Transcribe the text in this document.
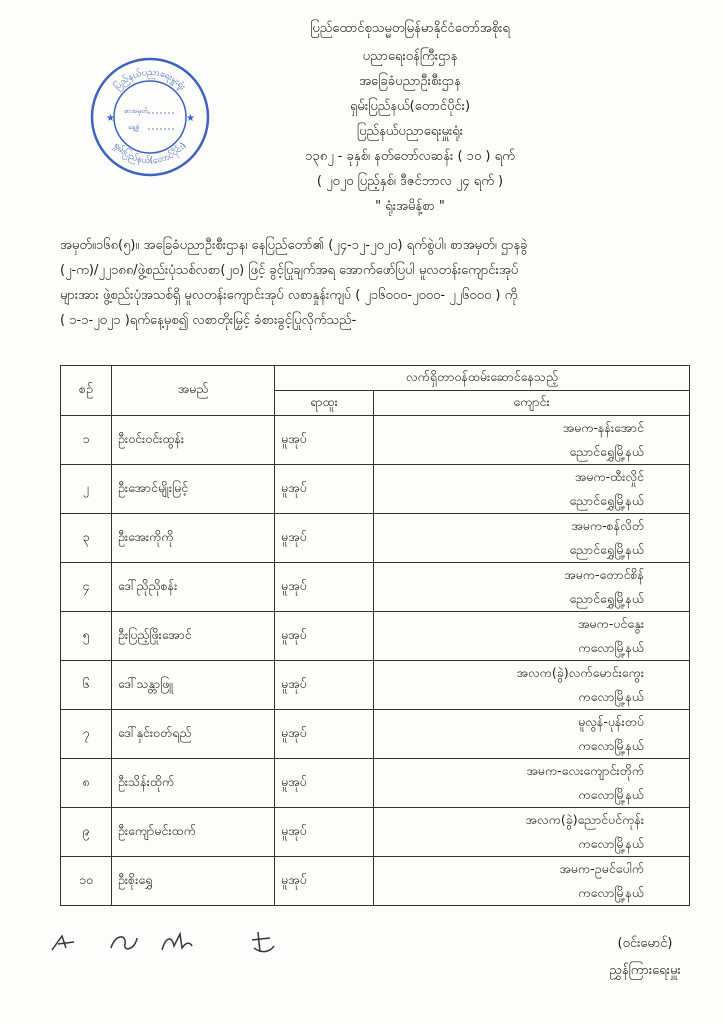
ပြည်ထောင်စုသမ္မတမြန်မာနိုင်ငံတော်အစိုးရ
ပညာရေးဝန်ကြီးဌာန
အခြေခံပညာဦးစီးဌာန
ရှမ်းပြည်နယ်(တောင်ပိုင်း)
ပြည်နယ်ပညာရေးမှူးရုံး
၁၃၈၂ - ခုနှစ်၊ နတ်တော်လဆန်း ( ၁၀ ) ရက်
( ၂၀၂၀ ပြည့်နှစ်၊ ဒီဇင်ဘာလ ၂၄ ရက် )
" ရုံးအမိန့်စာ "
ပြည်နယ်ပညာရေးမှူးရုံး
ရှမ်းပြည်နယ်(တောင်ပိုင်း)
★	★
စာအမှတ်
နေ့စွဲ
အမှတ်။၁၆၈(၅)။ အခြေခံပညာဦးစီးဌာန၊ နေပြည်တော်၏ (၂၄-၁၂-၂၀၂၀) ရက်စွဲပါ၊ စာအမှတ်၊ ဌာနခွဲ
(၂-က)/၂၂၁၈၈/ဖွဲ့စည်းပုံသစ်လစာ(၂၀) ဖြင့် ခွင့်ပြုချက်အရ အောက်ဖော်ပြပါ မူလတန်းကျောင်းအုပ်
များအား ဖွဲ့စည်းပုံအသစ်ရှိ မူလတန်းကျောင်းအုပ် လစာနှုန်းကျပ် ( ၂၁၆၀၀၀-၂၀၀၀- ၂၂၆၀၀၀ ) ကို
( ၁-၁-၂၀၂၁ )ရက်နေ့မှစ၍ လစာတိုးမြှင့် ခံစားခွင့်ပြုလိုက်သည်-
စဉ်	အမည်	လက်ရှိတာဝန်ထမ်းဆောင်နေသည့်	
		ရာထူး	ကျောင်း
၁	ဦးဝင်းဝင်းထွန်း	မူအုပ်	အမက-နန်းအောင်
ညောင်ရွှေမြို့နယ်

၂	ဦးအောင်မျိုးမြင့်	မူအုပ်	အမက-ထီးလှိုင်
ညောင်ရွှေမြို့နယ်

၃	ဦးအေးကိုကို	မူအုပ်	အမက-စန်လိတ်
ညောင်ရွှေမြို့နယ်

၄	ဒေါ်ညိုညိုစန်း	မူအုပ်	အမက-တောင်စိန်
ညောင်ရွှေမြို့နယ်

၅	ဦးပြည့်ဖြိုးအောင်	မူအုပ်	အမက-ပင်နွေး
ကလောမြို့နယ်

၆	ဒေါ်သန္တာဖြူ	မူအုပ်	အလက(ခွဲ)လက်မောင်းကွေး
ကလောမြို့နယ်

၇	ဒေါ်နှင်းဝတ်ရည်	မူအုပ်	မူလွန်-ပုန်းတပ်
ကလောမြို့နယ်

၈	ဦးသိန်းထိုက်	မူအုပ်	အမက-လေးကျောင်းတိုက်
ကလောမြို့နယ်

၉	ဦးကျော်မင်းထက်	မူအုပ်	အလက(ခွဲ)ညောင်ပင်ကုန်း
ကလောမြို့နယ်

၁၀	ဦးစိုးရွှေ	မူအုပ်	အမက-ဥမင်ပေါက်
ကလောမြို့နယ်
(ဝင်းမောင်)
ညွှန်ကြားရေးမှူး
